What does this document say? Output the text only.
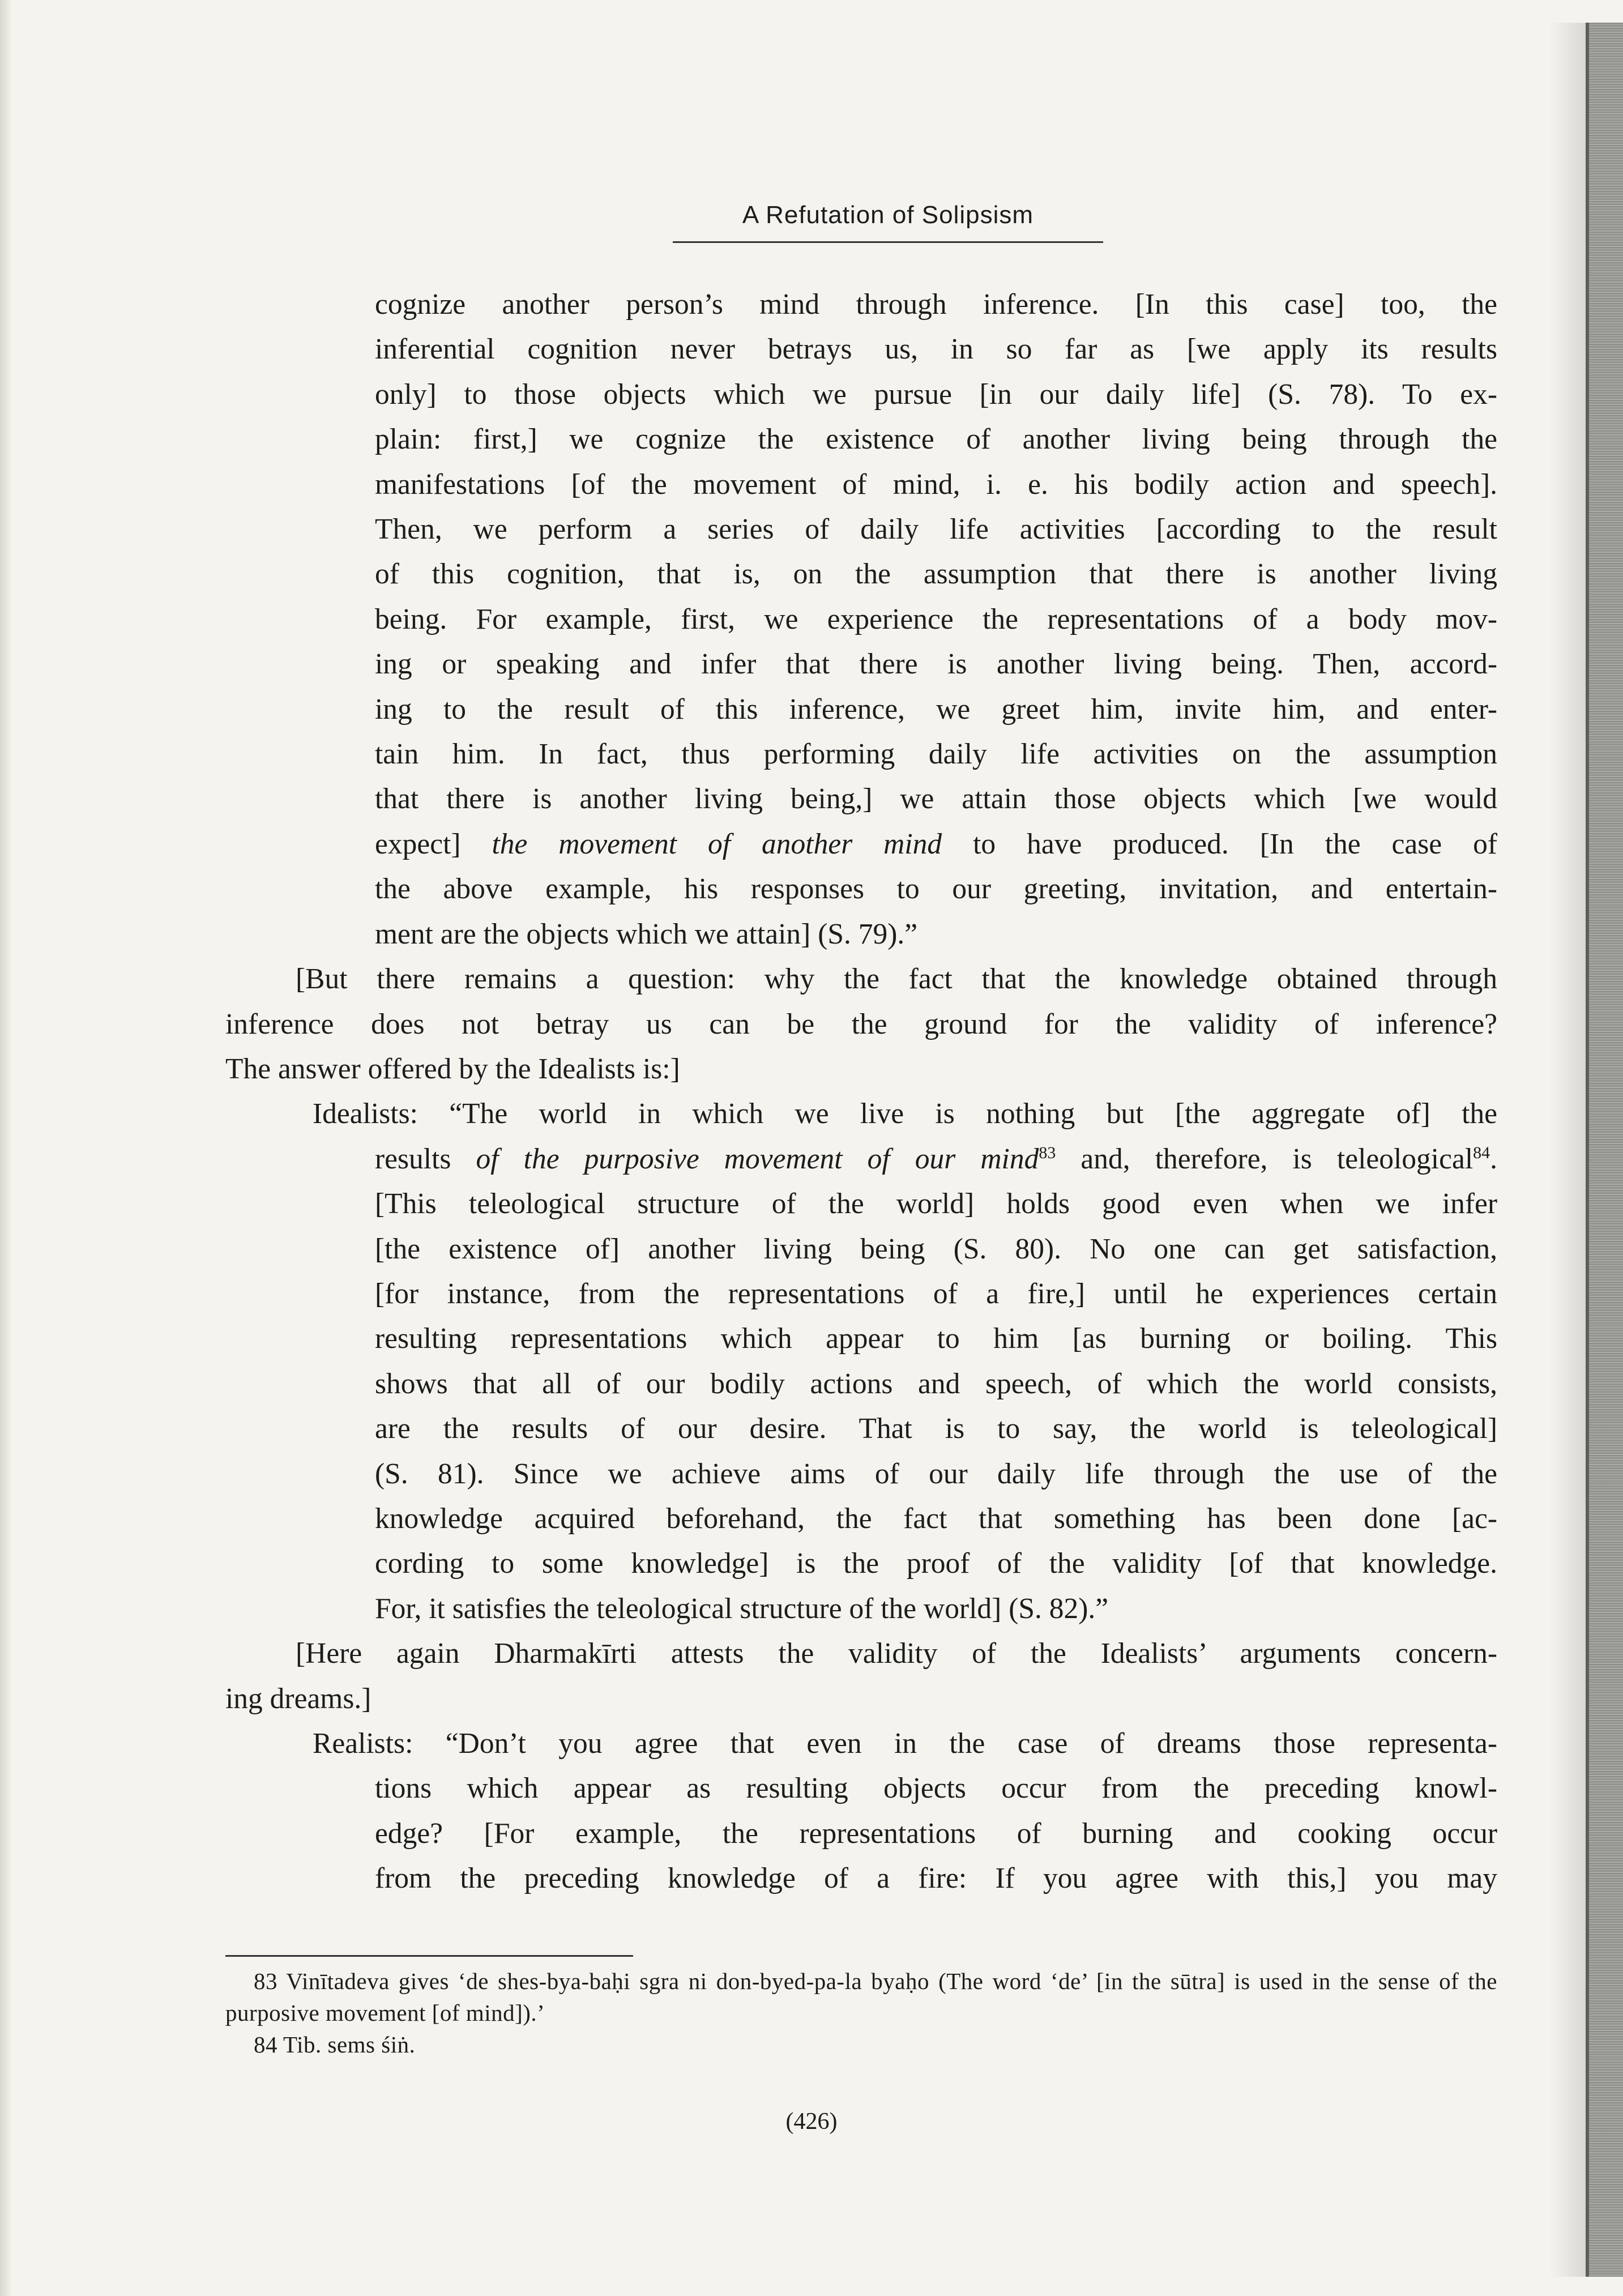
A Refutation of Solipsism

cognize another person’s mind through inference. [In this case] too, the

inferential cognition never betrays us, in so far as [we apply its results

only] to those objects which we pursue [in our daily life] (S. 78). To ex-

plain: first,] we cognize the existence of another living being through the

manifestations [of the movement of mind, i. e. his bodily action and speech].

Then, we perform a series of daily life activities [according to the result

of this cognition, that is, on the assumption that there is another living

being. For example, first, we experience the representations of a body mov-

ing or speaking and infer that there is another living being. Then, accord-

ing to the result of this inference, we greet him, invite him, and enter-

tain him. In fact, thus performing daily life activities on the assumption

that there is another living being,] we attain those objects which [we would

expect] the movement of another mind to have produced. [In the case of

the above example, his responses to our greeting, invitation, and entertain-

ment are the objects which we attain] (S. 79).”

[But there remains a question: why the fact that the knowledge obtained through

inference does not betray us can be the ground for the validity of inference?

The answer offered by the Idealists is:]

Idealists: “The world in which we live is nothing but [the aggregate of] the

results of the purposive movement of our mind$^{83}$ and, therefore, is teleological$^{84}$.

[This teleological structure of the world] holds good even when we infer

[the existence of] another living being (S. 80). No one can get satisfaction,

[for instance, from the representations of a fire,] until he experiences certain

resulting representations which appear to him [as burning or boiling. This

shows that all of our bodily actions and speech, of which the world consists,

are the results of our desire. That is to say, the world is teleological]

(S. 81). Since we achieve aims of our daily life through the use of the

knowledge acquired beforehand, the fact that something has been done [ac-

cording to some knowledge] is the proof of the validity [of that knowledge.

For, it satisfies the teleological structure of the world] (S. 82).”

[Here again Dharmakīrti attests the validity of the Idealists’ arguments concern-

ing dreams.]

Realists: “Don’t you agree that even in the case of dreams those representa-

tions which appear as resulting objects occur from the preceding knowl-

edge? [For example, the representations of burning and cooking occur

from the preceding knowledge of a fire: If you agree with this,] you may

83 Vinītadeva gives ‘de shes-bya-baḥi sgra ni don-byed-pa-la byaḥo (The word ‘de’ [in the sūtra] is used in the sense of the purposive movement [of mind]).’

84 Tib. sems śiṅ.

(426)
